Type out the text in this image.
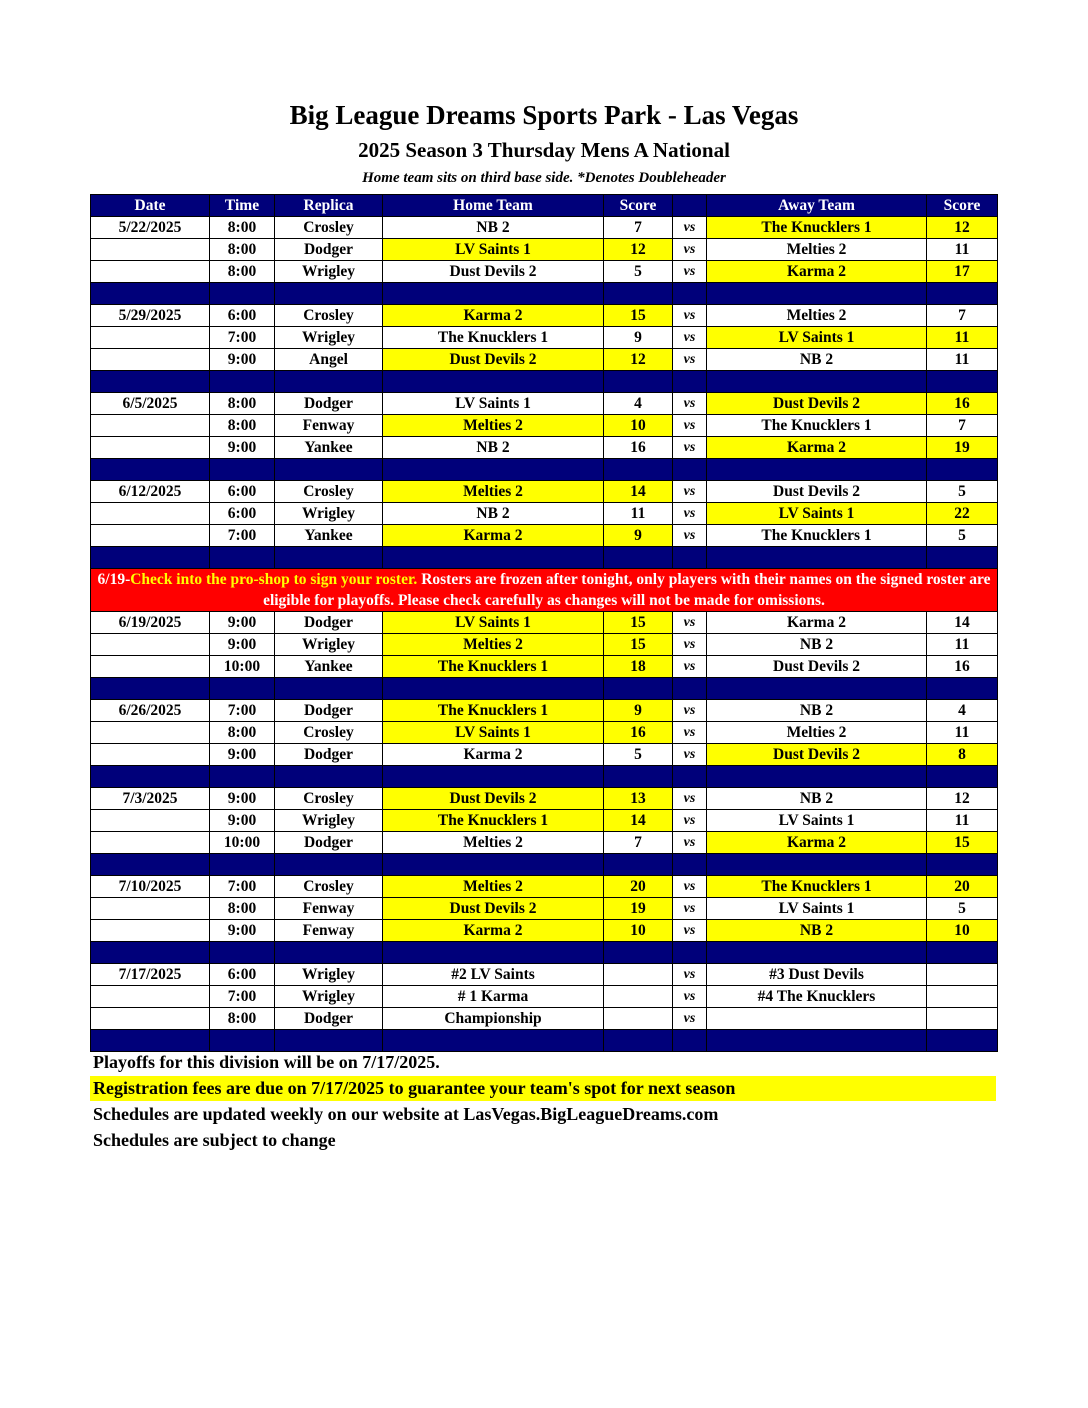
Big League Dreams Sports Park - Las Vegas
2025 Season 3 Thursday Mens A National
Home team sits on third base side. *Denotes Doubleheader
Date	Time	Replica	Home Team	Score		Away Team	Score
5/22/2025	8:00	Crosley	NB 2	7	vs	The Knucklers 1	12
	8:00	Dodger	LV Saints 1	12	vs	Melties 2	11
	8:00	Wrigley	Dust Devils 2	5	vs	Karma 2	17

5/29/2025	6:00	Crosley	Karma 2	15	vs	Melties 2	7
	7:00	Wrigley	The Knucklers 1	9	vs	LV Saints 1	11
	9:00	Angel	Dust Devils 2	12	vs	NB 2	11

6/5/2025	8:00	Dodger	LV Saints 1	4	vs	Dust Devils 2	16
	8:00	Fenway	Melties 2	10	vs	The Knucklers 1	7
	9:00	Yankee	NB 2	16	vs	Karma 2	19

6/12/2025	6:00	Crosley	Melties 2	14	vs	Dust Devils 2	5
	6:00	Wrigley	NB 2	11	vs	LV Saints 1	22
	7:00	Yankee	Karma 2	9	vs	The Knucklers 1	5

6/19-Check into the pro-shop to sign your roster. Rosters are frozen after tonight, only players with their names on the signed roster are eligible for playoffs. Please check carefully as changes will not be made for omissions.							
6/19/2025	9:00	Dodger	LV Saints 1	15	vs	Karma 2	14
	9:00	Wrigley	Melties 2	15	vs	NB 2	11
	10:00	Yankee	The Knucklers 1	18	vs	Dust Devils 2	16

6/26/2025	7:00	Dodger	The Knucklers 1	9	vs	NB 2	4
	8:00	Crosley	LV Saints 1	16	vs	Melties 2	11
	9:00	Dodger	Karma 2	5	vs	Dust Devils 2	8

7/3/2025	9:00	Crosley	Dust Devils 2	13	vs	NB 2	12
	9:00	Wrigley	The Knucklers 1	14	vs	LV Saints 1	11
	10:00	Dodger	Melties 2	7	vs	Karma 2	15

7/10/2025	7:00	Crosley	Melties 2	20	vs	The Knucklers 1	20
	8:00	Fenway	Dust Devils 2	19	vs	LV Saints 1	5
	9:00	Fenway	Karma 2	10	vs	NB 2	10

7/17/2025	6:00	Wrigley	#2 LV Saints		vs	#3 Dust Devils	
	7:00	Wrigley	# 1 Karma		vs	#4 The Knucklers	
	8:00	Dodger	Championship		vs		

Playoffs for this division will be on 7/17/2025.
Registration fees are due on 7/17/2025 to guarantee your team's spot for next season
Schedules are updated weekly on our website at LasVegas.BigLeagueDreams.com
Schedules are subject to change
